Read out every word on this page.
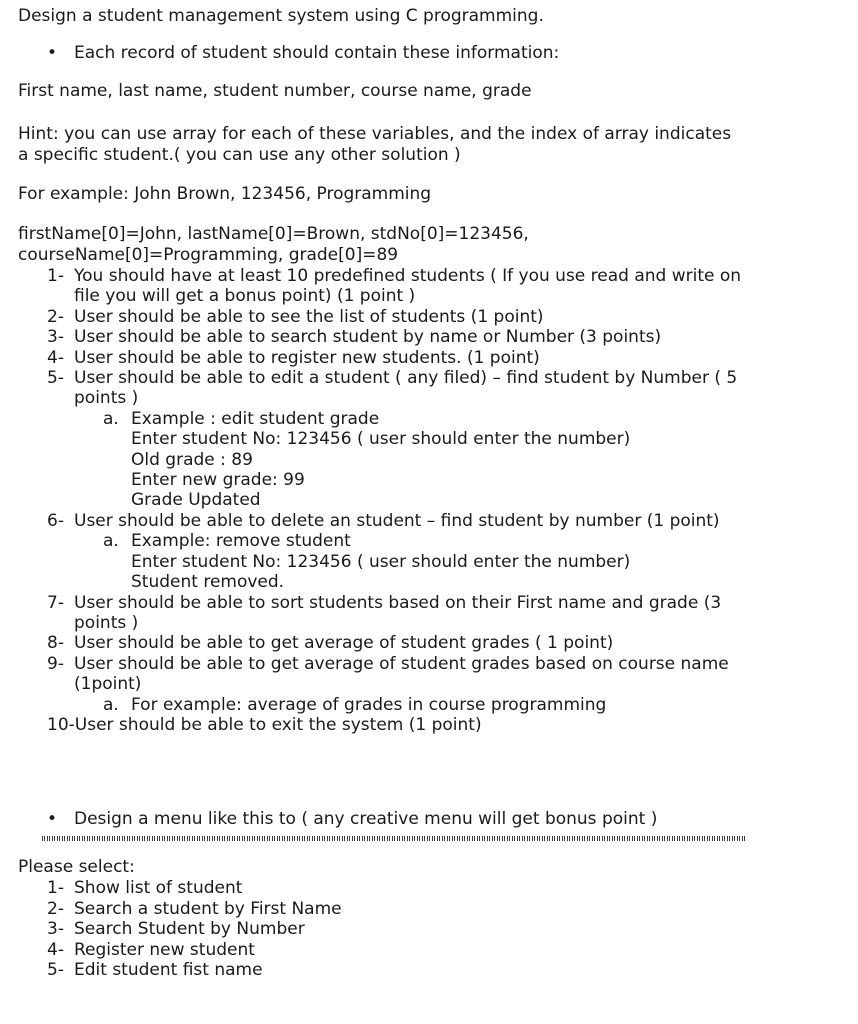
Design a student management system using C programming.

• Each record of student should contain these information:

First name, last name, student number, course name, grade

Hint: you can use array for each of these variables, and the index of array indicates
a specific student.( you can use any other solution )

For example: John Brown, 123456, Programming

firstName[0]=John, lastName[0]=Brown, stdNo[0]=123456,
courseName[0]=Programming, grade[0]=89
1- You should have at least 10 predefined students ( If you use read and write on
file you will get a bonus point) (1 point )
2- User should be able to see the list of students (1 point)
3- User should be able to search student by name or Number (3 points)
4- User should be able to register new students. (1 point)
5- User should be able to edit a student ( any filed) – find student by Number ( 5
points )
a. Example : edit student grade
Enter student No: 123456 ( user should enter the number)
Old grade : 89
Enter new grade: 99
Grade Updated
6- User should be able to delete an student – find student by number (1 point)
a. Example: remove student
Enter student No: 123456 ( user should enter the number)
Student removed.
7- User should be able to sort students based on their First name and grade (3
points )
8- User should be able to get average of student grades ( 1 point)
9- User should be able to get average of student grades based on course name
(1point)
a. For example: average of grades in course programming
10- User should be able to exit the system (1 point)
• Design a menu like this to ( any creative menu will get bonus point )

Please select:

1- Show list of student
2- Search a student by First Name
3- Search Student by Number
4- Register new student
5- Edit student fist name
